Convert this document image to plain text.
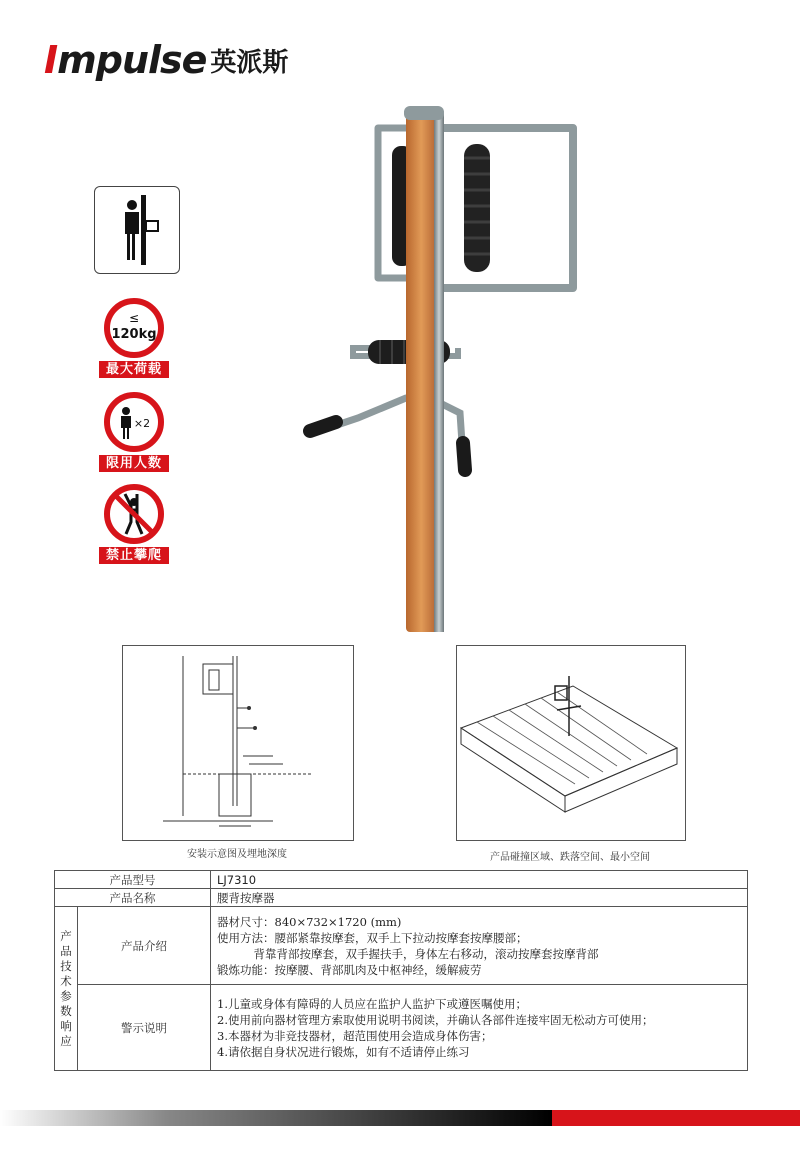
Impulse 英派斯
≤
120kg
最大荷载
×2
限用人数
禁止攀爬
安装示意图及埋地深度	产品碰撞区域、跌落空间、最小空间
产品型号		LJ7310
产品名称		腰背按摩器
产品技术参数响应	产品介绍	器材尺寸：840×732×1720 (mm)
使用方法：腰部紧靠按摩套，双手上下拉动按摩套按摩腰部；
背靠背部按摩套，双手握扶手，身体左右移动，滚动按摩套按摩背部
锻炼功能：按摩腰、背部肌肉及中枢神经，缓解疲劳

	警示说明	1.儿童或身体有障碍的人员应在监护人监护下或遵医嘱使用；
2.使用前向器材管理方索取使用说明书阅读，并确认各部件连接牢固无松动方可使用；
3.本器材为非竞技器材，超范围使用会造成身体伤害；
4.请依据自身状况进行锻炼，如有不适请停止练习
